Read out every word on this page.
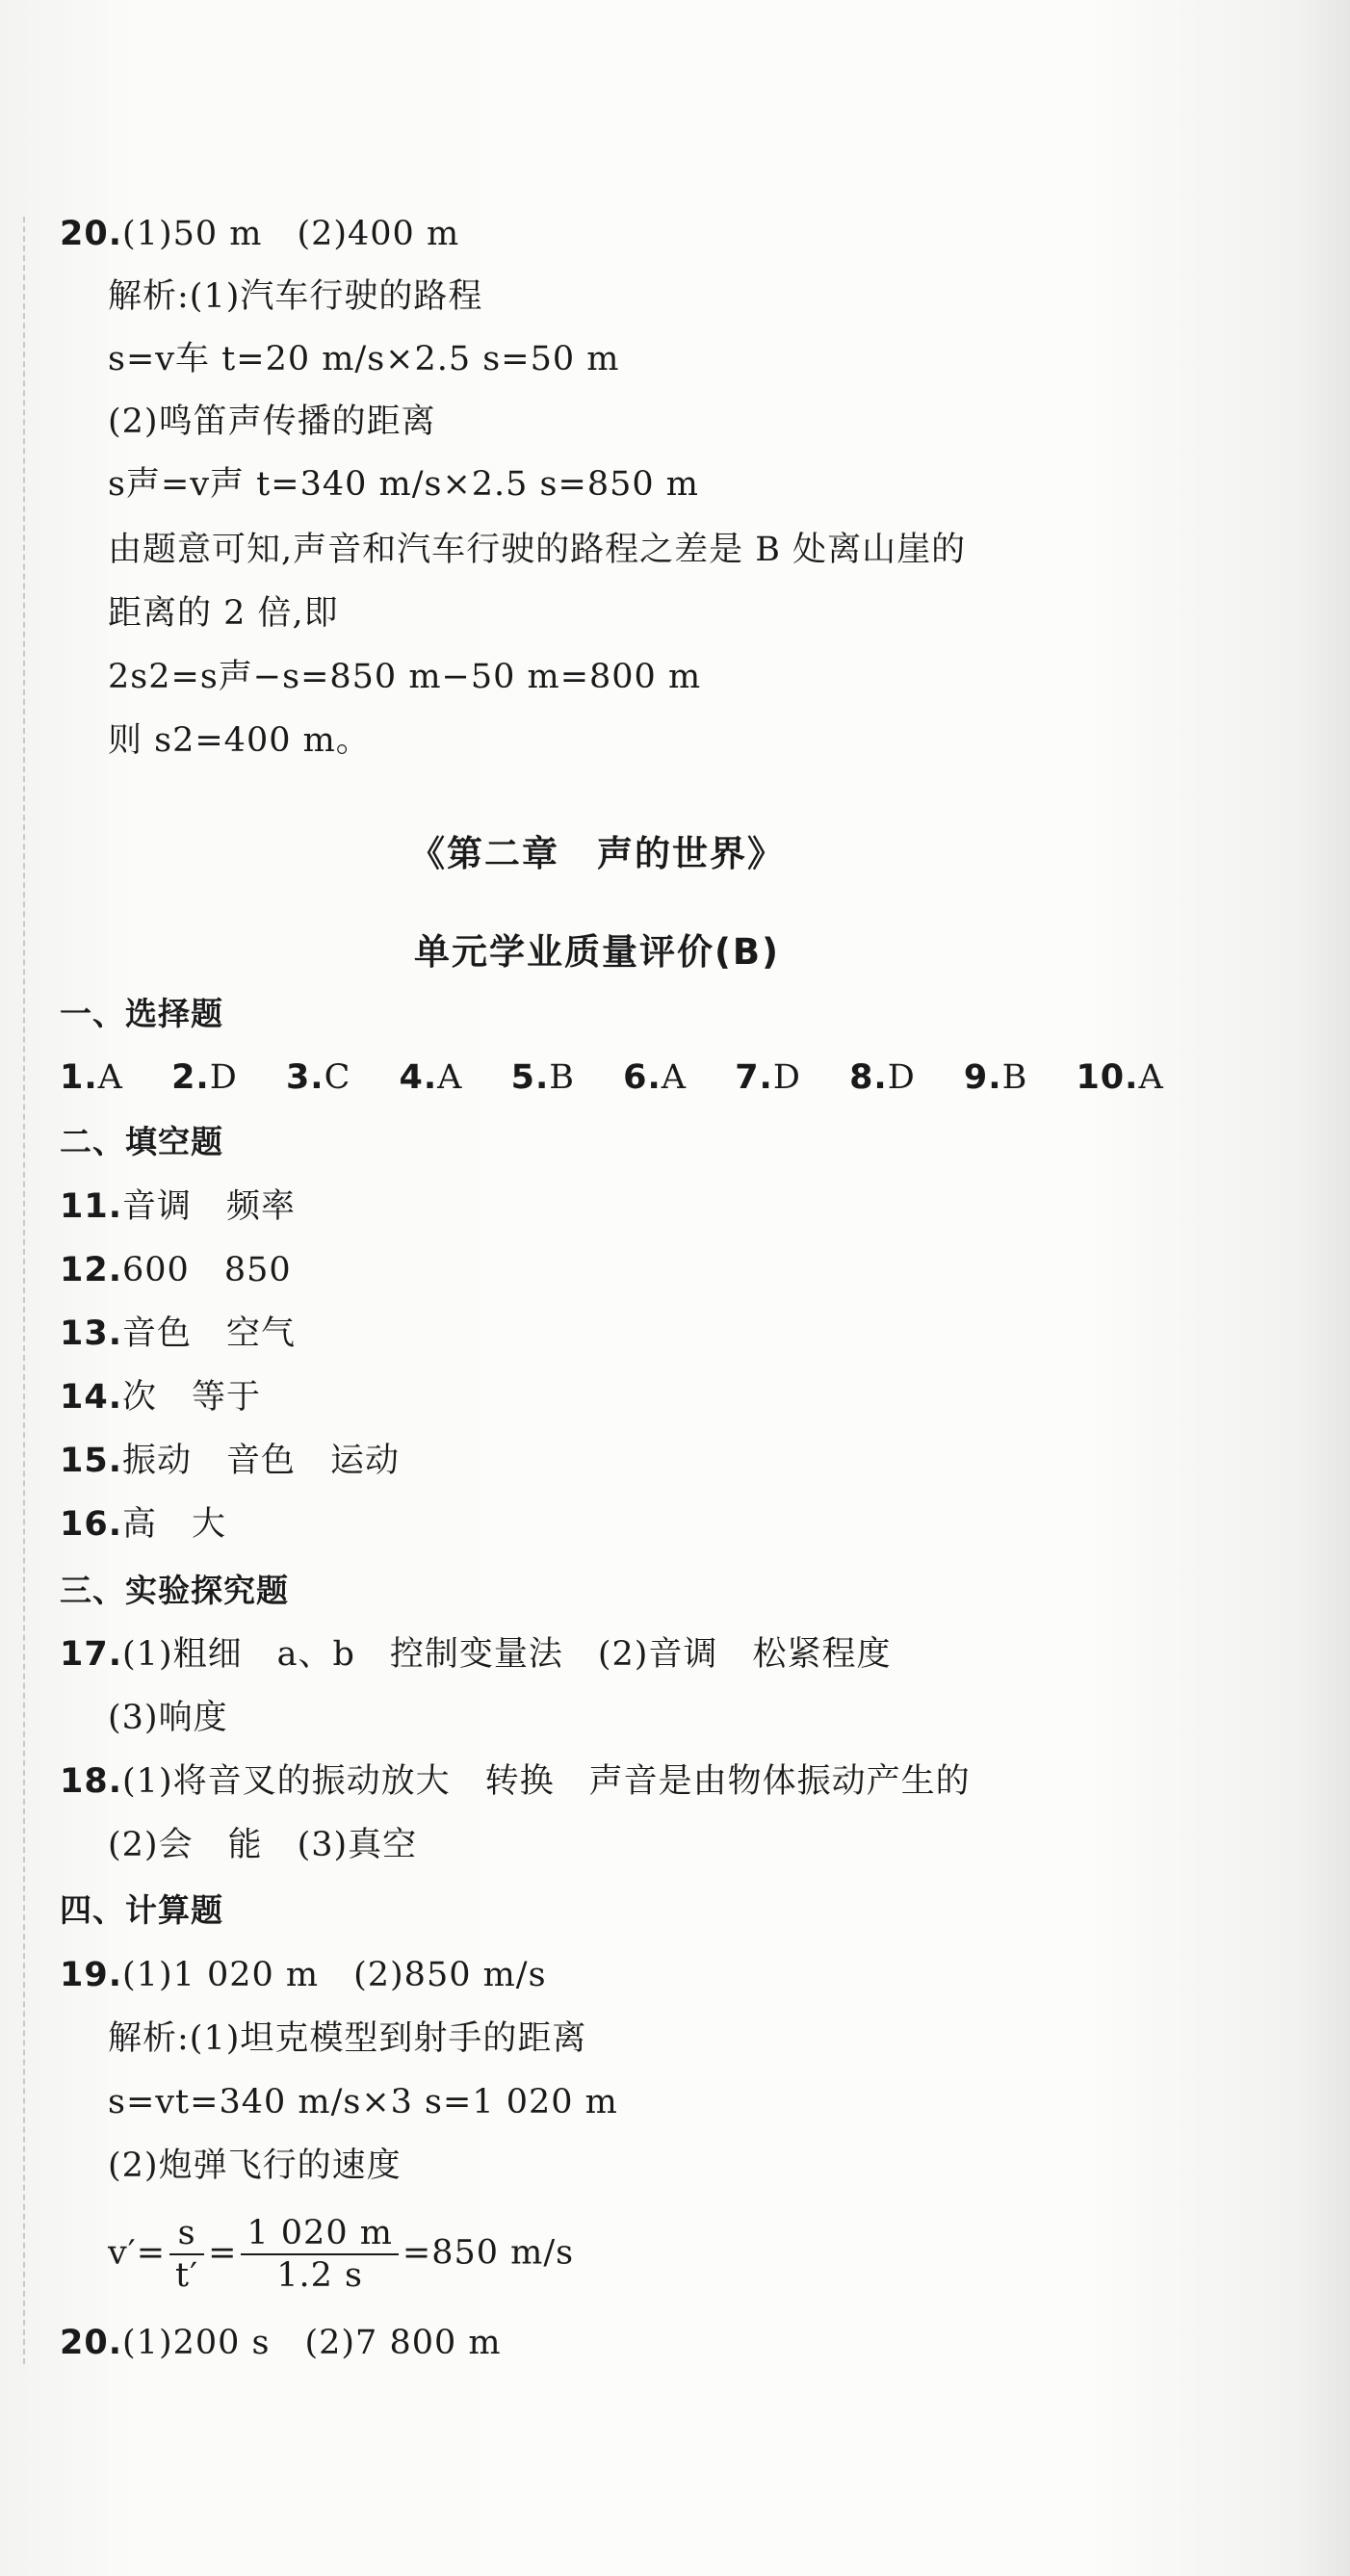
20.(1)50 m　(2)400 m
解析:(1)汽车行驶的路程
s=v车 t=20 m/s×2.5 s=50 m
(2)鸣笛声传播的距离
s声=v声 t=340 m/s×2.5 s=850 m
由题意可知,声音和汽车行驶的路程之差是 B 处离山崖的
距离的 2 倍,即
2s2=s声−s=850 m−50 m=800 m
则 s2=400 m。
《第二章　声的世界》
单元学业质量评价(B)
一、选择题
1.A 2.D 3.C 4.A 5.B 6.A 7.D 8.D 9.B 10.A
二、填空题
11.音调　频率
12.600　850
13.音色　空气
14.次　等于
15.振动　音色　运动
16.高　大
三、实验探究题
17.(1)粗细　a、b　控制变量法　(2)音调　松紧程度
(3)响度
18.(1)将音叉的振动放大　转换　声音是由物体振动产生的
(2)会　能　(3)真空
四、计算题
19.(1)1 020 m　(2)850 m/s
解析:(1)坦克模型到射手的距离
s=vt=340 m/s×3 s=1 020 m
(2)炮弹飞行的速度
$v'= \frac{s}{t'} = \frac{1 020 m}{1.2 s} =850$ m/s
20.(1)200 s　(2)7 800 m
